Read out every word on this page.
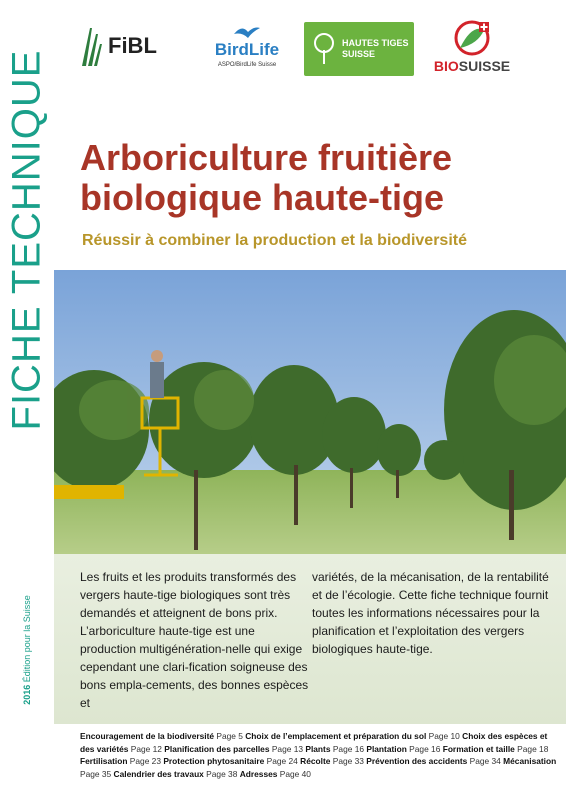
FICHE TECHNIQUE
2016 Édition pour la Suisse
FiBL	BirdLife
ASPO/BirdLife Suisse
HAUTES TIGES
SUISSE
BIOSUISSE
Arboriculture fruitière
biologique haute-tige
Réussir à combiner la production et la biodiversité
Les fruits et les produits transformés des vergers haute-tige biologiques sont très demandés et atteignent de bons prix. L’arboriculture haute-tige est une production multigénération-nelle qui exige cependant une clari-fication soigneuse des bons empla-cements, des bonnes espèces et
variétés, de la mécanisation, de la rentabilité et de l’écologie. Cette fiche technique fournit toutes les informations nécessaires pour la planification et l’exploitation des vergers biologiques haute-tige.
Encouragement de la biodiversité Page 5 Choix de l’emplacement et préparation du sol Page 10 Choix des espèces et des variétés Page 12 Planification des parcelles Page 13 Plants Page 16 Plantation Page 16 Formation et taille Page 18 Fertilisation Page 23 Protection phytosanitaire Page 24 Récolte Page 33 Prévention des accidents Page 34 Mécanisation Page 35 Calendrier des travaux Page 38 Adresses Page 40
